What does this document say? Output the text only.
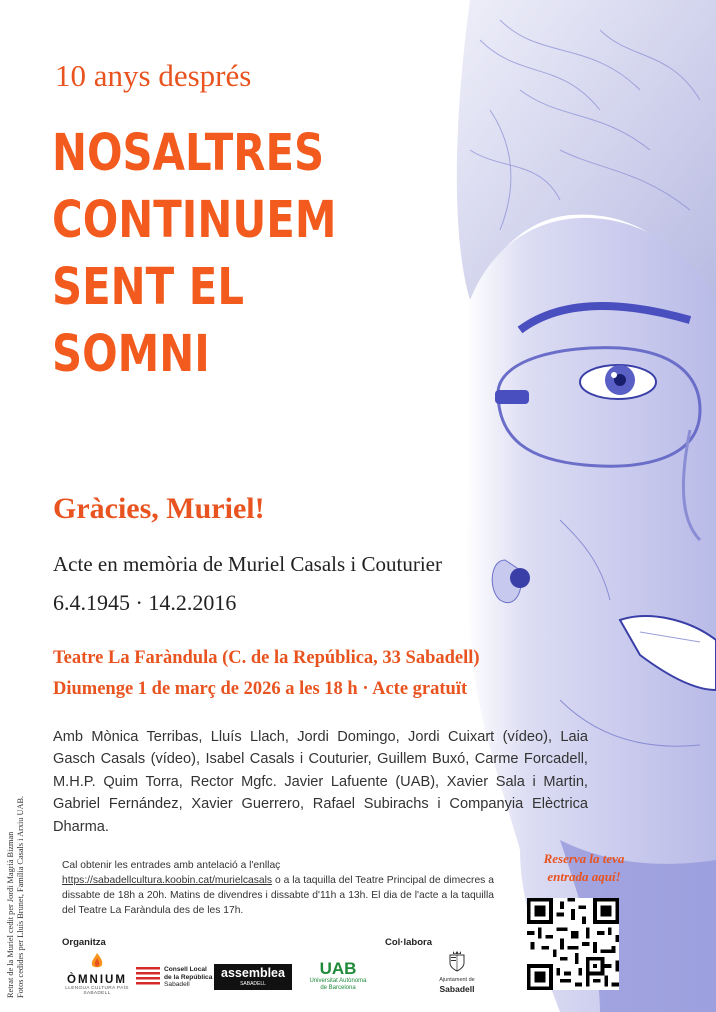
10 anys després
NOSALTRES
CONTINUEM
SENT EL
SOMNI
Gràcies, Muriel!
Acte en memòria de Muriel Casals i Couturier
6.4.1945 · 14.2.2016
Teatre La Faràndula (C. de la República, 33 Sabadell)
Diumenge 1 de març de 2026 a les 18 h · Acte gratuït
Amb Mònica Terribas, Lluís Llach, Jordi Domingo, Jordi Cuixart (vídeo), Laia Gasch Casals (vídeo), Isabel Casals i Couturier, Guillem Buxó, Carme Forcadell, M.H.P. Quim Torra, Rector Mgfc. Javier Lafuente (UAB), Xavier Sala i Martin, Gabriel Fernández, Xavier Guerrero, Rafael Subirachs i Companyia Elèctrica Dharma.
Cal obtenir les entrades amb antelació a l'enllaç
https://sabadellcultura.koobin.cat/murielcasals o a la taquilla del Teatre Principal de dimecres a dissabte de 18h a 20h. Matins de divendres i dissabte d'11h a 13h. El dia de l'acte a la taquilla del Teatre La Faràndula des de les 17h.
Reserva la teva entrada aquí!
Retrat de la Muriel cedit per Jordi Magrià Bizman Fotos cedides per Lluís Brunet, Família Casals i Arxiu UAB.	Organitza	Col·labora
ÒMNIUM
LLENGUA CULTURA PAÍS
SABADELL
Consell Local
de la República
Sabadell
assemblea
SABADELL
UAB
Universitat Autònoma
de Barcelona
Ajuntament de
Sabadell
